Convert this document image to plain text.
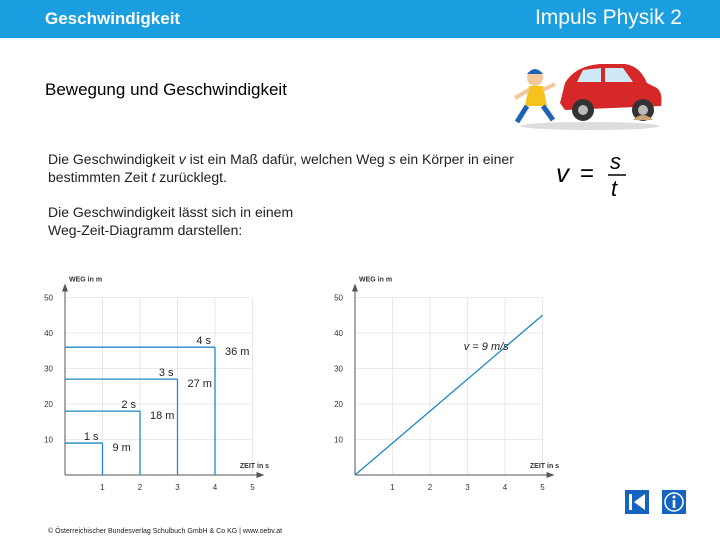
Geschwindigkeit	Impuls Physik 2
Bewegung und Geschwindigkeit
Die Geschwindigkeit v ist ein Maß dafür, welchen Weg s ein Körper in einer bestimmten Zeit t zurücklegt.	v = s
t
Die Geschwindigkeit lässt sich in einem Weg-Zeit-Diagramm darstellen:
10
20
30
40
50
1	2	3	4	5
WEG in m
ZEIT in s
1 s
9 m
2 s
18 m
3 s
27 m
4 s
36 m
10
20
30
40
50
1	2	3	4	5
WEG in m
ZEIT in s
v = 9 m/s
© Österreichischer Bundesverlag Schulbuch GmbH & Co KG | www.oebv.at
